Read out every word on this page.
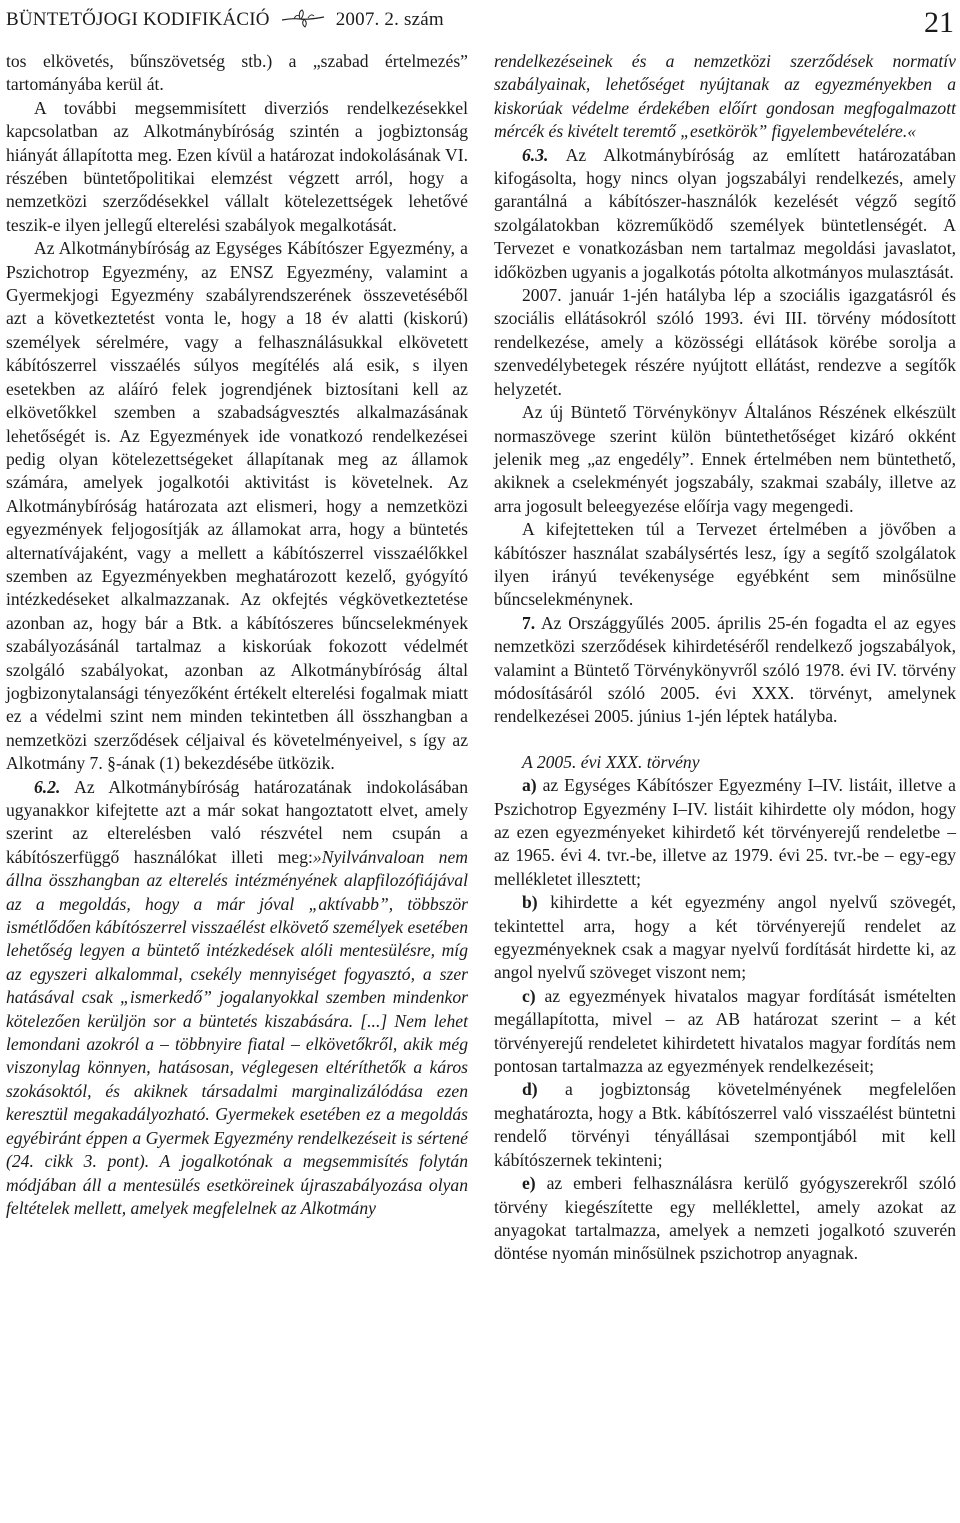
BÜNTETŐJOGI KODIFIKÁCIÓ	2007. 2. szám	21

tos elkövetés, bűnszövetség stb.) a „szabad értelmezés” tartományába kerül át.

A további megsemmisített diverziós rendelkezésekkel kapcsolatban az Alkotmánybíróság szintén a jogbiztonság hiányát állapította meg. Ezen kívül a határozat indokolásának VI. részében büntetőpolitikai elemzést végzett arról, hogy a nemzetközi szerződésekkel vállalt kötelezettségek lehetővé teszik-e ilyen jellegű elterelési szabályok megalkotását.

Az Alkotmánybíróság az Egységes Kábítószer Egyezmény, a Pszichotrop Egyezmény, az ENSZ Egyezmény, valamint a Gyermekjogi Egyezmény szabályrendszerének összevetéséből azt a következtetést vonta le, hogy a 18 év alatti (kiskorú) személyek sérelmére, vagy a felhasználásukkal elkövetett kábítószerrel visszaélés súlyos megítélés alá esik, s ilyen esetekben az aláíró felek jogrendjének biztosítani kell az elkövetőkkel szemben a szabadságvesztés alkalmazásának lehetőségét is. Az Egyezmények ide vonatkozó rendelkezései pedig olyan kötelezettségeket állapítanak meg az államok számára, amelyek jogalkotói aktivitást is követelnek. Az Alkotmánybíróság határozata azt elismeri, hogy a nemzetközi egyezmények feljogosítják az államokat arra, hogy a büntetés alternatívájaként, vagy a mellett a kábítószerrel visszaélőkkel szemben az Egyezményekben meghatározott kezelő, gyógyító intézkedéseket alkalmazzanak. Az okfejtés végkövetkeztetése azonban az, hogy bár a Btk. a kábítószeres bűncselekmények szabályozásánál tartalmaz a kiskorúak fokozott védelmét szolgáló szabályokat, azonban az Alkotmánybíróság által jogbizonytalansági tényezőként értékelt elterelési fogalmak miatt ez a védelmi szint nem minden tekintetben áll összhangban a nemzetközi szerződések céljaival és követelményeivel, s így az Alkotmány 7. §-ának (1) bekezdésébe ütközik.

6.2. Az Alkotmánybíróság határozatának indokolásában ugyanakkor kifejtette azt a már sokat hangoztatott elvet, amely szerint az elterelésben való részvétel nem csupán a kábítószerfüggő használókat illeti meg:»Nyilvánvaloan nem állna összhangban az elterelés intézményének alapfilozófiájával az a megoldás, hogy a már jóval „aktívabb”, többször ismétlődően kábítószerrel visszaélést elkövető személyek esetében lehetőség legyen a büntető intézkedések alóli mentesülésre, míg az egyszeri alkalommal, csekély mennyiséget fogyasztó, a szer hatásával csak „ismerkedő” jogalanyokkal szemben mindenkor kötelezően kerüljön sor a büntetés kiszabására. [...] Nem lehet lemondani azokról a – többnyire fiatal – elkövetőkről, akik még viszonylag könnyen, hatásosan, véglegesen eltéríthetők a káros szokásoktól, és akiknek társadalmi marginalizálódása ezen keresztül megakadályozható. Gyermekek esetében ez a megoldás egyébiránt éppen a Gyermek Egyezmény rendelkezéseit is sértené (24. cikk 3. pont). A jogalkotónak a megsemmisítés folytán módjában áll a mentesülés esetköreinek újraszabályozása olyan feltételek mellett, amelyek megfelelnek az Alkotmány

rendelkezéseinek és a nemzetközi szerződések normatív szabályainak, lehetőséget nyújtanak az egyezményekben a kiskorúak védelme érdekében előírt gondosan megfogalmazott mércék és kivételt teremtő „esetkörök” figyelembevételére.«

6.3. Az Alkotmánybíróság az említett határozatában kifogásolta, hogy nincs olyan jogszabályi rendelkezés, amely garantálná a kábítószer-használók kezelését végző segítő szolgálatokban közreműködő személyek büntetlenségét. A Tervezet e vonatkozásban nem tartalmaz megoldási javaslatot, időközben ugyanis a jogalkotás pótolta alkotmányos mulasztását.

2007. január 1-jén hatályba lép a szociális igazgatásról és szociális ellátásokról szóló 1993. évi III. törvény módosított rendelkezése, amely a közösségi ellátások körébe sorolja a szenvedélybetegek részére nyújtott ellátást, rendezve a segítők helyzetét.

Az új Büntető Törvénykönyv Általános Részének elkészült normaszövege szerint külön büntethetőséget kizáró okként jelenik meg „az engedély”. Ennek értelmében nem büntethető, akiknek a cselekményét jogszabály, szakmai szabály, illetve az arra jogosult beleegyezése előírja vagy megengedi.

A kifejtetteken túl a Tervezet értelmében a jövőben a kábítószer használat szabálysértés lesz, így a segítő szolgálatok ilyen irányú tevékenysége egyébként sem minősülne bűncselekménynek.

7. Az Országgyűlés 2005. április 25-én fogadta el az egyes nemzetközi szerződések kihirdetéséről rendelkező jogszabályok, valamint a Büntető Törvénykönyvről szóló 1978. évi IV. törvény módosításáról szóló 2005. évi XXX. törvényt, amelynek rendelkezései 2005. június 1-jén léptek hatályba.

A 2005. évi XXX. törvény

a) az Egységes Kábítószer Egyezmény I–IV. listáit, illetve a Pszichotrop Egyezmény I–IV. listáit kihirdette oly módon, hogy az ezen egyezményeket kihirdető két törvényerejű rendeletbe – az 1965. évi 4. tvr.-be, illetve az 1979. évi 25. tvr.-be – egy-egy mellékletet illesztett;

b) kihirdette a két egyezmény angol nyelvű szövegét, tekintettel arra, hogy a két törvényerejű rendelet az egyezményeknek csak a magyar nyelvű fordítását hirdette ki, az angol nyelvű szöveget viszont nem;

c) az egyezmények hivatalos magyar fordítását ismételten megállapította, mivel – az AB határozat szerint – a két törvényerejű rendeletet kihirdetett hivatalos magyar fordítás nem pontosan tartalmazza az egyezmények rendelkezéseit;

d) a jogbiztonság követelményének megfelelően meghatározta, hogy a Btk. kábítószerrel való visszaélést büntetni rendelő törvényi tényállásai szempontjából mit kell kábítószernek tekinteni;

e) az emberi felhasználásra kerülő gyógyszerekről szóló törvény kiegészítette egy melléklettel, amely azokat az anyagokat tartalmazza, amelyek a nemzeti jogalkotó szuverén döntése nyomán minősülnek pszichotrop anyagnak.
